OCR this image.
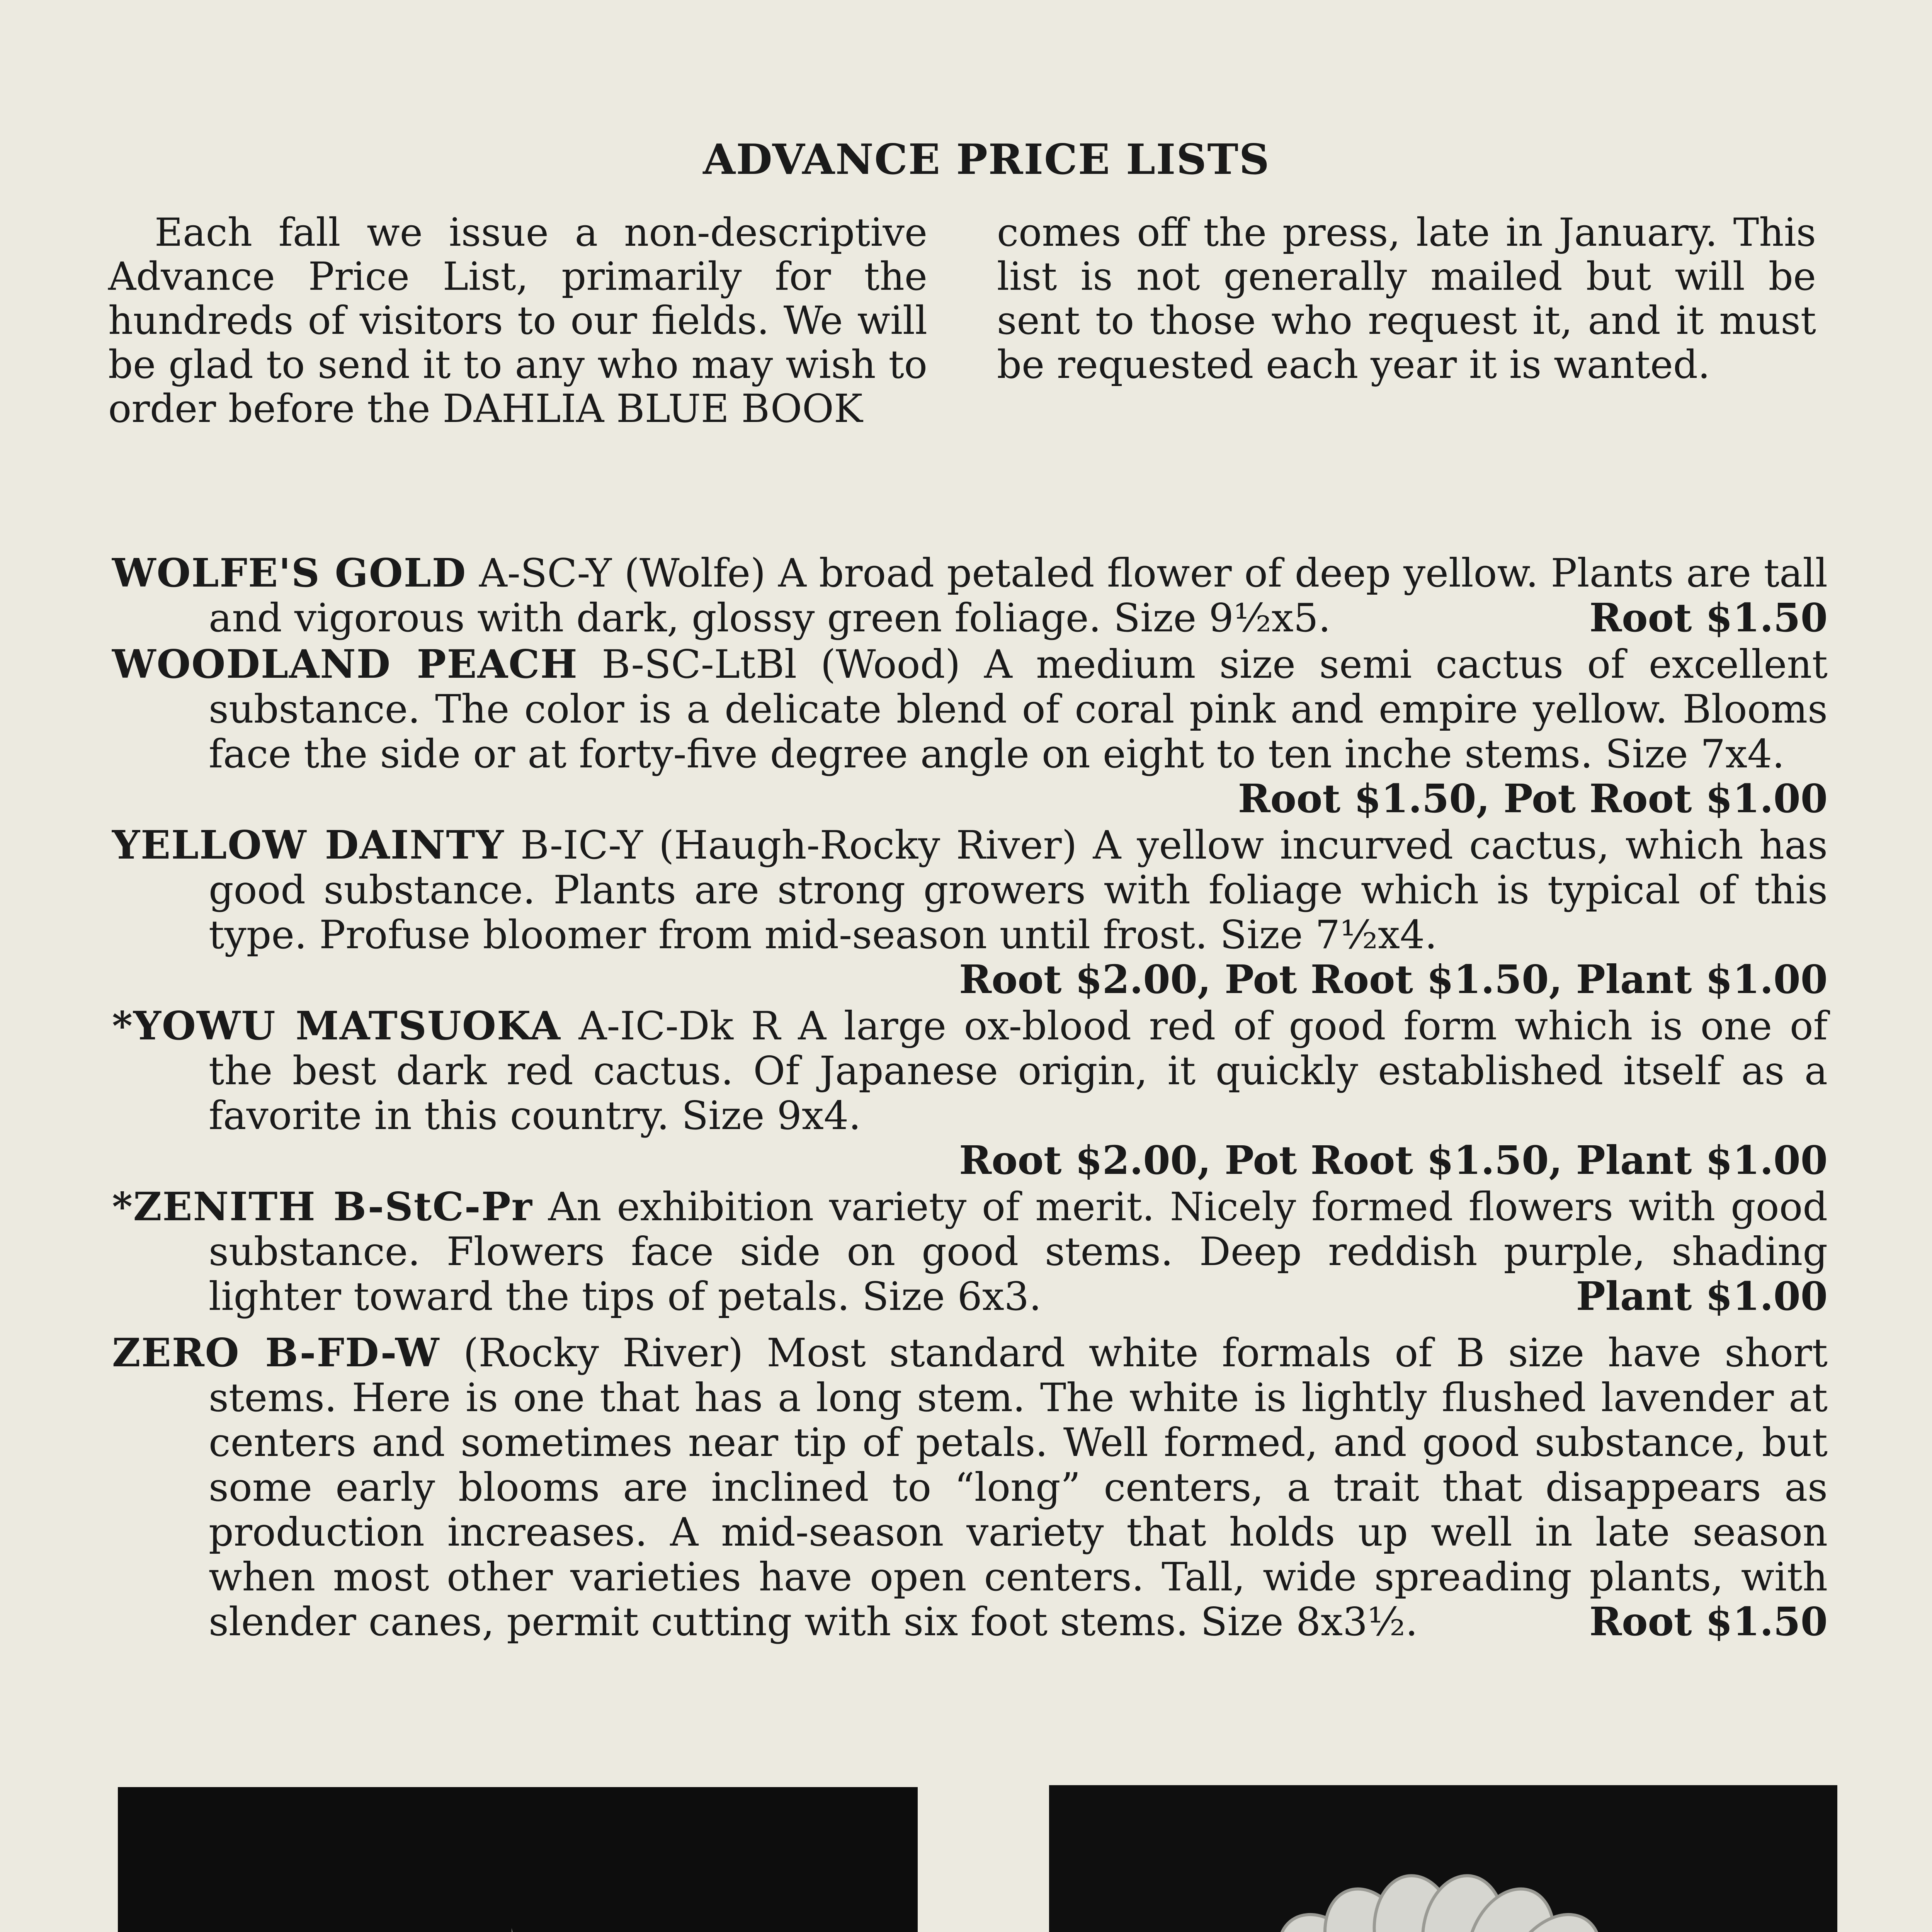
ADVANCE PRICE LISTS
Each fall we issue a non-descriptive Advance Price List, primarily for the hundreds of visitors to our fields. We will be glad to send it to any who may wish to order before the DAHLIA BLUE BOOK
comes off the press, late in January. This list is not generally mailed but will be sent to those who request it, and it must be requested each year it is wanted.
WOLFE'S GOLD A-SC-Y (Wolfe) A broad petaled flower of deep yellow. Plants are tall and vigorous with dark, glossy green foliage. Size 9½x5.	Root $1.50
WOODLAND PEACH B-SC-LtBl (Wood) A medium size semi cactus of excellent substance. The color is a delicate blend of coral pink and empire yellow. Blooms face the side or at forty-five degree angle on eight to ten inche stems. Size 7x4.
Root $1.50, Pot Root $1.00
YELLOW DAINTY B-IC-Y (Haugh-Rocky River) A yellow incurved cactus, which has good substance. Plants are strong growers with foliage which is typical of this type. Profuse bloomer from mid-season until frost. Size 7½x4.
Root $2.00, Pot Root $1.50, Plant $1.00
*YOWU MATSUOKA A-IC-Dk R A large ox-blood red of good form which is one of the best dark red cactus. Of Japanese origin, it quickly established itself as a favorite in this country. Size 9x4.
Root $2.00, Pot Root $1.50, Plant $1.00
*ZENITH B-StC-Pr An exhibition variety of merit. Nicely formed flowers with good substance. Flowers face side on good stems. Deep reddish purple, shading lighter toward the tips of petals. Size 6x3.	Plant $1.00
ZERO B-FD-W (Rocky River) Most standard white formals of B size have short stems. Here is one that has a long stem. The white is lightly flushed lavender at centers and sometimes near tip of petals. Well formed, and good substance, but some early blooms are inclined to “long” centers, a trait that disappears as production increases. A mid-season variety that holds up well in late season when most other varieties have open centers. Tall, wide spreading plants, with slender canes, permit cutting with six foot stems. Size 8x3½.	Root $1.50
